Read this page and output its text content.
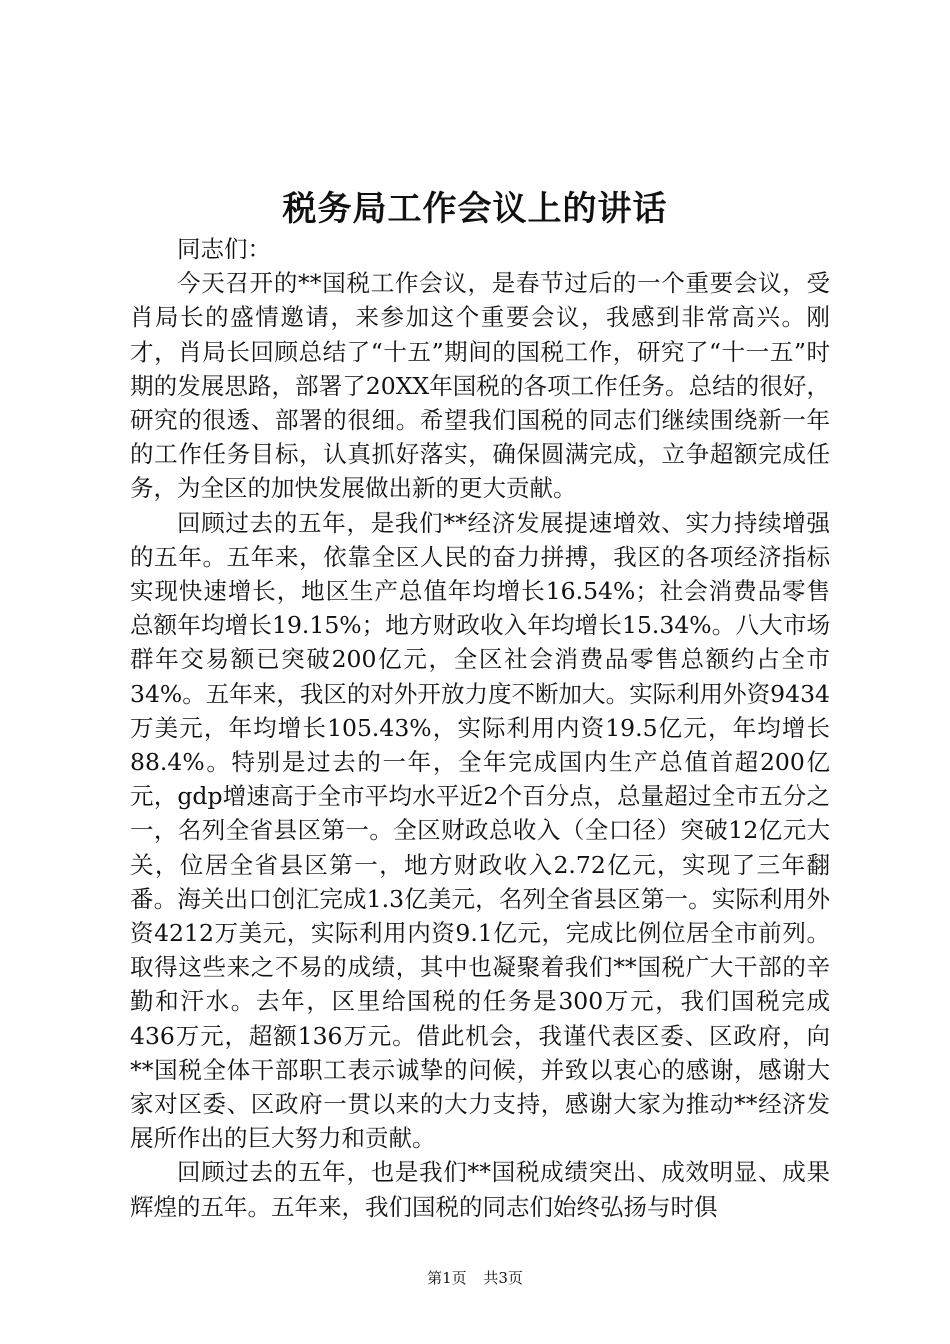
税务局工作会议上的讲话

同志们：

今天召开的**国税工作会议，是春节过后的一个重要会议，受肖局长的盛情邀请，来参加这个重要会议，我感到非常高兴。刚才，肖局长回顾总结了“十五”期间的国税工作，研究了“十一五”时期的发展思路，部署了20XX年国税的各项工作任务。总结的很好，研究的很透、部署的很细。希望我们国税的同志们继续围绕新一年的工作任务目标，认真抓好落实，确保圆满完成，立争超额完成任务，为全区的加快发展做出新的更大贡献。

回顾过去的五年，是我们**经济发展提速增效、实力持续增强的五年。五年来，依靠全区人民的奋力拼搏，我区的各项经济指标实现快速增长，地区生产总值年均增长16.54%；社会消费品零售总额年均增长19.15%；地方财政收入年均增长15.34%。八大市场群年交易额已突破200亿元，全区社会消费品零售总额约占全市34%。五年来，我区的对外开放力度不断加大。实际利用外资9434万美元，年均增长105.43%，实际利用内资19.5亿元，年均增长88.4%。特别是过去的一年，全年完成国内生产总值首超200亿元，gdp增速高于全市平均水平近2个百分点，总量超过全市五分之一，名列全省县区第一。全区财政总收入（全口径）突破12亿元大关，位居全省县区第一，地方财政收入2.72亿元，实现了三年翻番。海关出口创汇完成1.3亿美元，名列全省县区第一。实际利用外资4212万美元，实际利用内资9.1亿元，完成比例位居全市前列。取得这些来之不易的成绩，其中也凝聚着我们**国税广大干部的辛勤和汗水。去年，区里给国税的任务是300万元，我们国税完成436万元，超额136万元。借此机会，我谨代表区委、区政府，向**国税全体干部职工表示诚挚的问候，并致以衷心的感谢，感谢大家对区委、区政府一贯以来的大力支持，感谢大家为推动**经济发展所作出的巨大努力和贡献。

回顾过去的五年，也是我们**国税成绩突出、成效明显、成果辉煌的五年。五年来，我们国税的同志们始终弘扬与时俱

第1页 共3页
